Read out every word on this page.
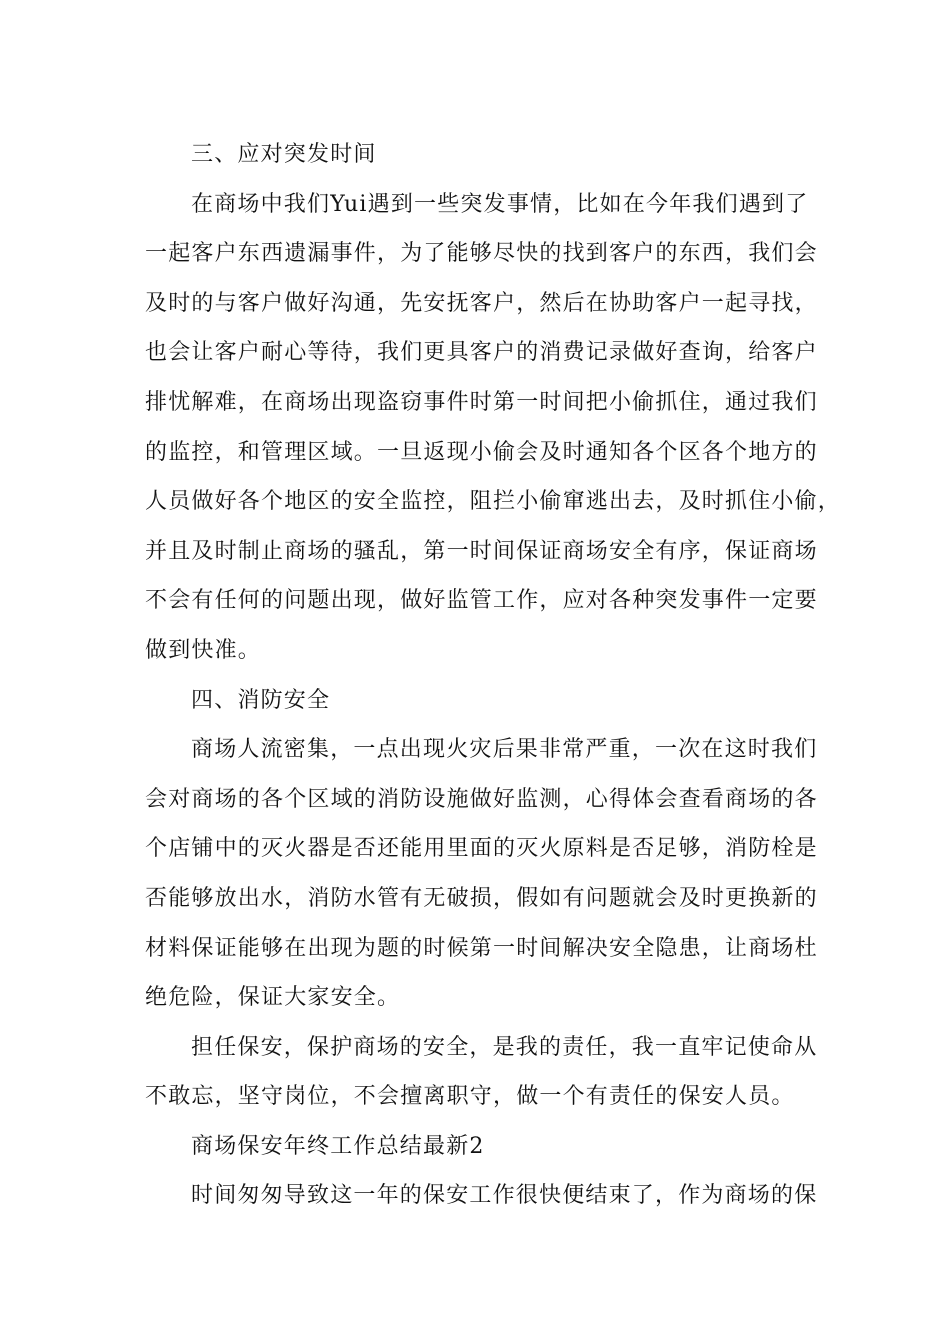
三、应对突发时间
在商场中我们Yui遇到一些突发事情，比如在今年我们遇到了
一起客户东西遗漏事件，为了能够尽快的找到客户的东西，我们会
及时的与客户做好沟通，先安抚客户，然后在协助客户一起寻找，
也会让客户耐心等待，我们更具客户的消费记录做好查询，给客户
排忧解难，在商场出现盗窃事件时第一时间把小偷抓住，通过我们
的监控，和管理区域。一旦返现小偷会及时通知各个区各个地方的
人员做好各个地区的安全监控，阻拦小偷窜逃出去，及时抓住小偷，
并且及时制止商场的骚乱，第一时间保证商场安全有序，保证商场
不会有任何的问题出现，做好监管工作，应对各种突发事件一定要
做到快准。
四、消防安全
商场人流密集，一点出现火灾后果非常严重，一次在这时我们
会对商场的各个区域的消防设施做好监测，心得体会查看商场的各
个店铺中的灭火器是否还能用里面的灭火原料是否足够，消防栓是
否能够放出水，消防水管有无破损，假如有问题就会及时更换新的
材料保证能够在出现为题的时候第一时间解决安全隐患，让商场杜
绝危险，保证大家安全。
担任保安，保护商场的安全，是我的责任，我一直牢记使命从
不敢忘，坚守岗位，不会擅离职守，做一个有责任的保安人员。
商场保安年终工作总结最新2
时间匆匆导致这一年的保安工作很快便结束了，作为商场的保
